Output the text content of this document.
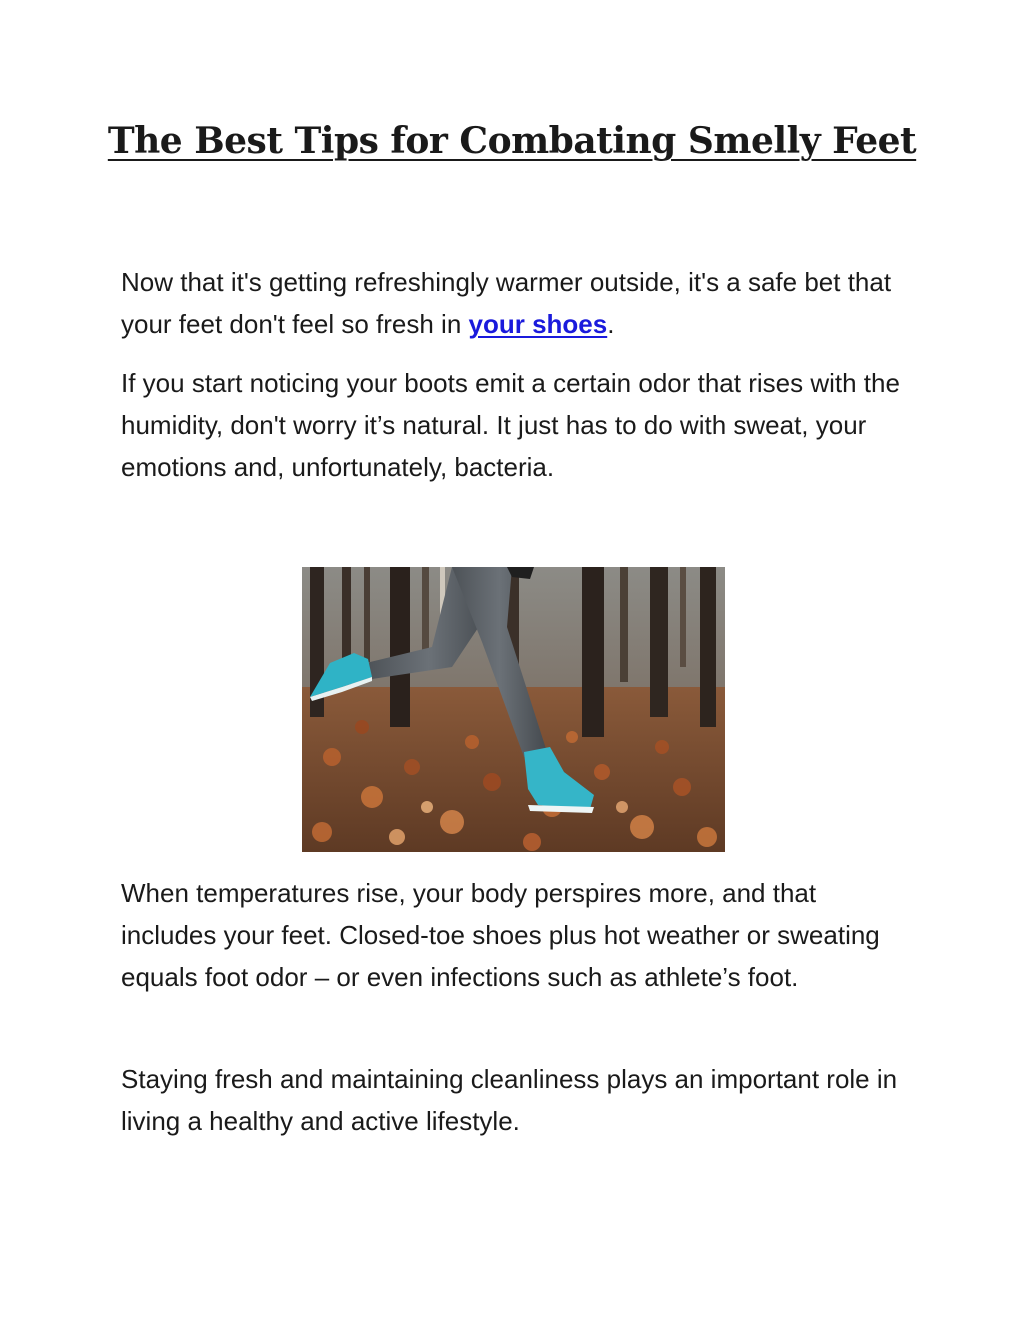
The Best Tips for Combating Smelly Feet

Now that it's getting refreshingly warmer outside, it's a safe bet that your feet don't feel so fresh in your shoes.

If you start noticing your boots emit a certain odor that rises with the humidity, don't worry it’s natural. It just has to do with sweat, your emotions and, unfortunately, bacteria.

When temperatures rise, your body perspires more, and that includes your feet. Closed-toe shoes plus hot weather or sweating equals foot odor – or even infections such as athlete’s foot.

Staying fresh and maintaining cleanliness plays an important role in living a healthy and active lifestyle.
